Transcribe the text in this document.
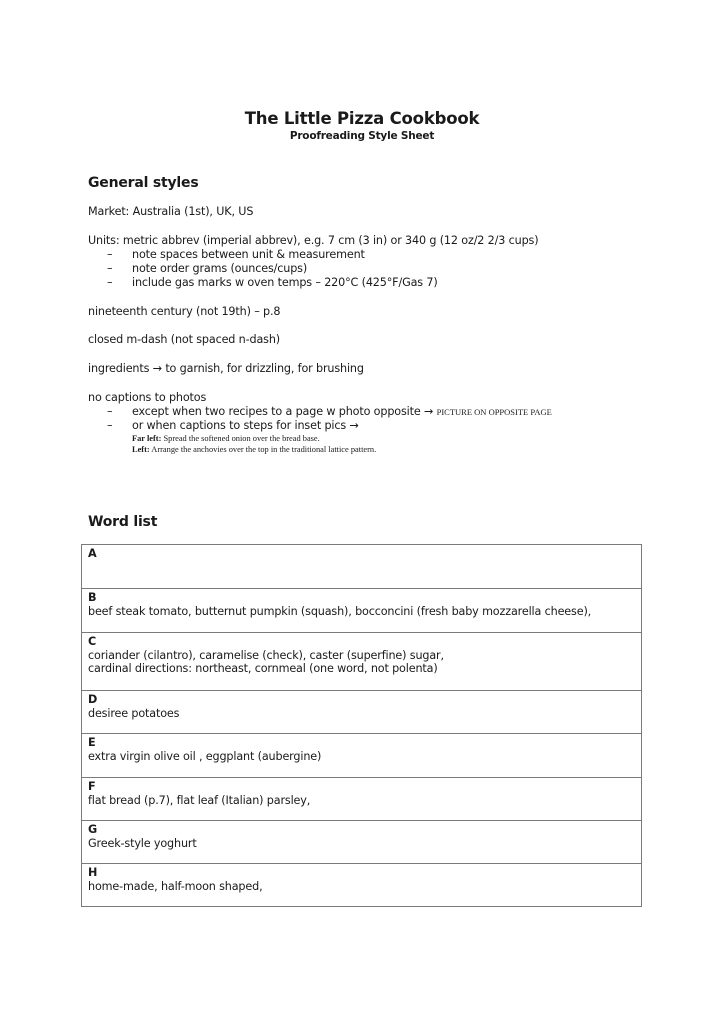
The Little Pizza Cookbook
Proofreading Style Sheet
General styles
Market: Australia (1st), UK, US
Units: metric abbrev (imperial abbrev), e.g. 7 cm (3 in) or 340 g (12 oz/2 2/3 cups)
– note spaces between unit & measurement
– note order grams (ounces/cups)
– include gas marks w oven temps – 220°C (425°F/Gas 7)
nineteenth century (not 19th) – p.8
closed m-dash (not spaced n-dash)
ingredients → to garnish, for drizzling, for brushing
no captions to photos
– except when two recipes to a page w photo opposite → PICTURE ON OPPOSITE PAGE
– or when captions to steps for inset pics →
Far left: Spread the softened onion over the bread base.
Left: Arrange the anchovies over the top in the traditional lattice pattern.
Word list
A
B
beef steak tomato, butternut pumpkin (squash), bocconcini (fresh baby mozzarella cheese),
C
coriander (cilantro), caramelise (check), caster (superfine) sugar,
cardinal directions: northeast, cornmeal (one word, not polenta)
D
desiree potatoes
E
extra virgin olive oil , eggplant (aubergine)
F
flat bread (p.7), flat leaf (Italian) parsley,
G
Greek-style yoghurt
H
home-made, half-moon shaped,
